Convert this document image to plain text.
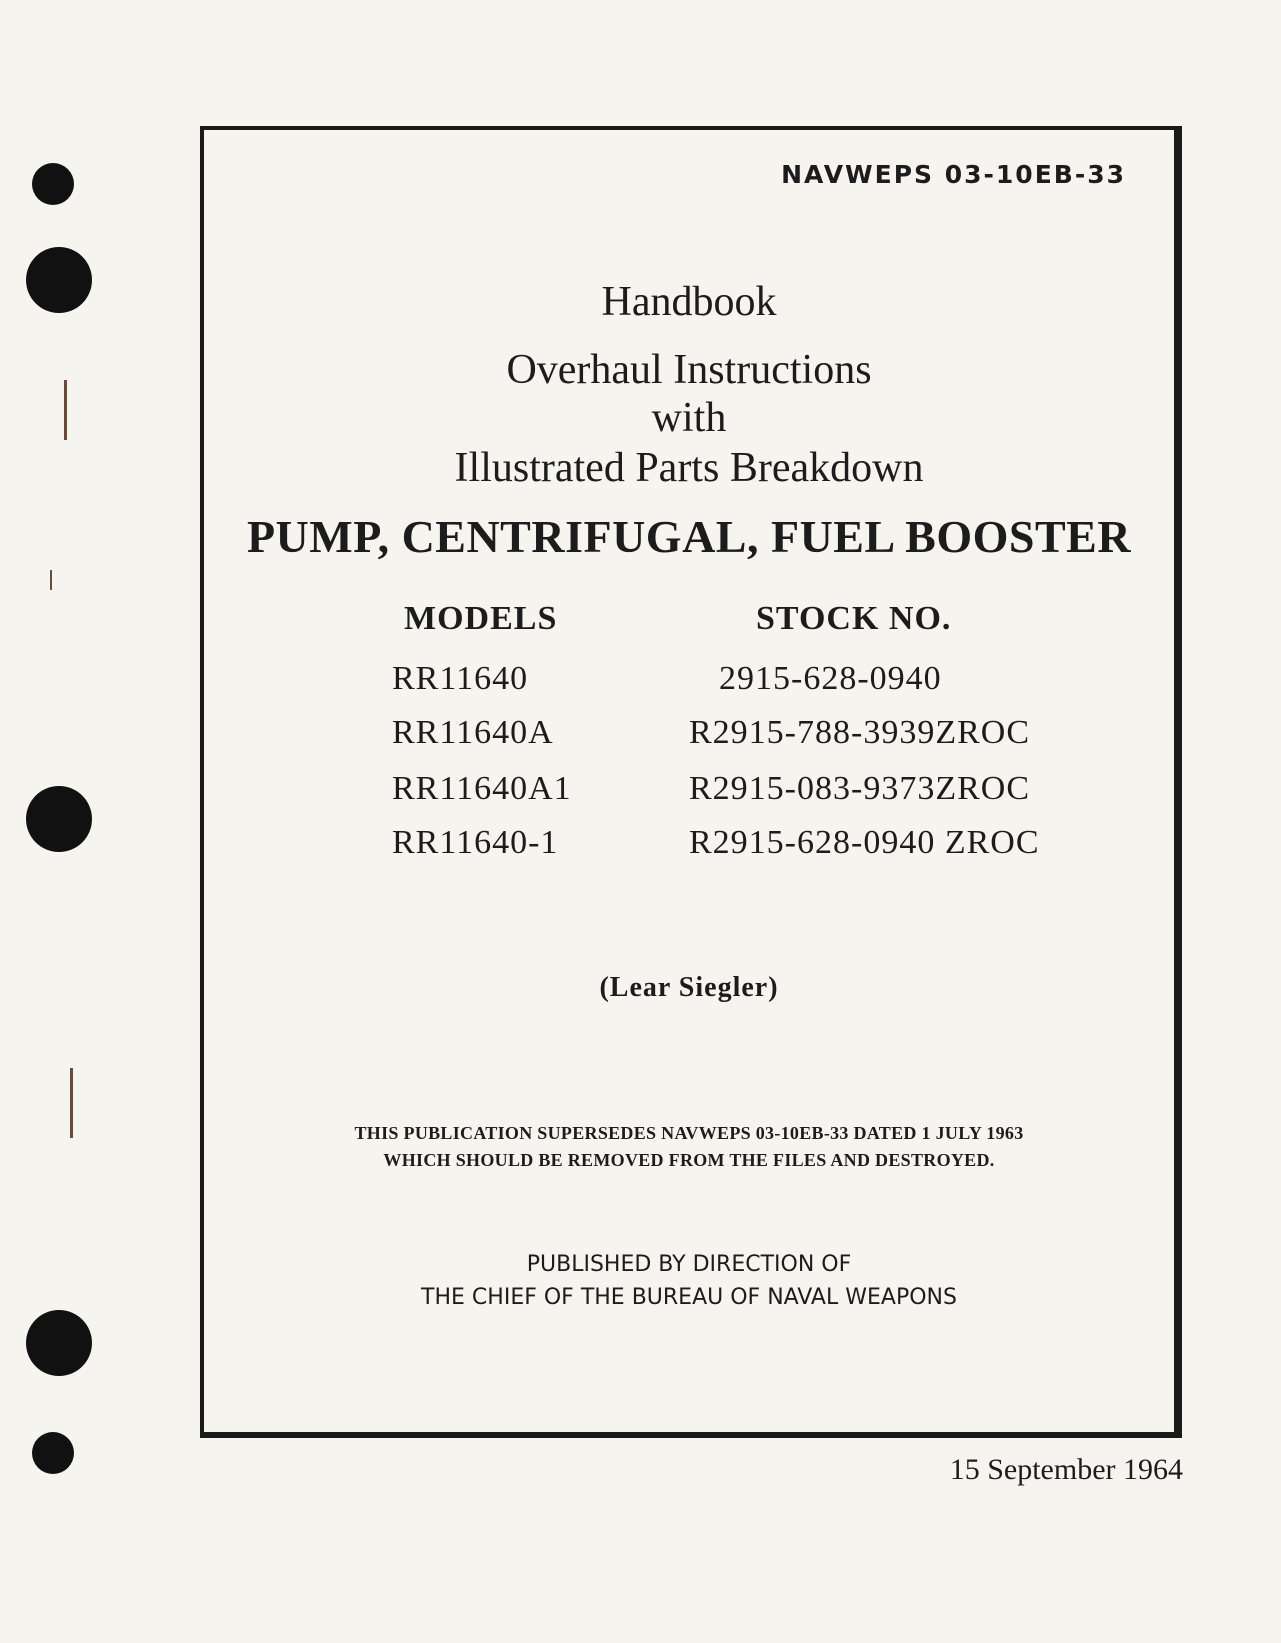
NAVWEPS 03-10EB-33
Handbook
Overhaul Instructions
with
Illustrated Parts Breakdown
PUMP, CENTRIFUGAL, FUEL BOOSTER
MODELS	STOCK NO.
RR11640	2915-628-0940
RR11640A	R2915-788-3939ZROC
RR11640A1	R2915-083-9373ZROC
RR11640-1	R2915-628-0940 ZROC
(Lear Siegler)
THIS PUBLICATION SUPERSEDES NAVWEPS 03-10EB-33 DATED 1 JULY 1963
WHICH SHOULD BE REMOVED FROM THE FILES AND DESTROYED.
PUBLISHED BY DIRECTION OF
THE CHIEF OF THE BUREAU OF NAVAL WEAPONS
15 September 1964
